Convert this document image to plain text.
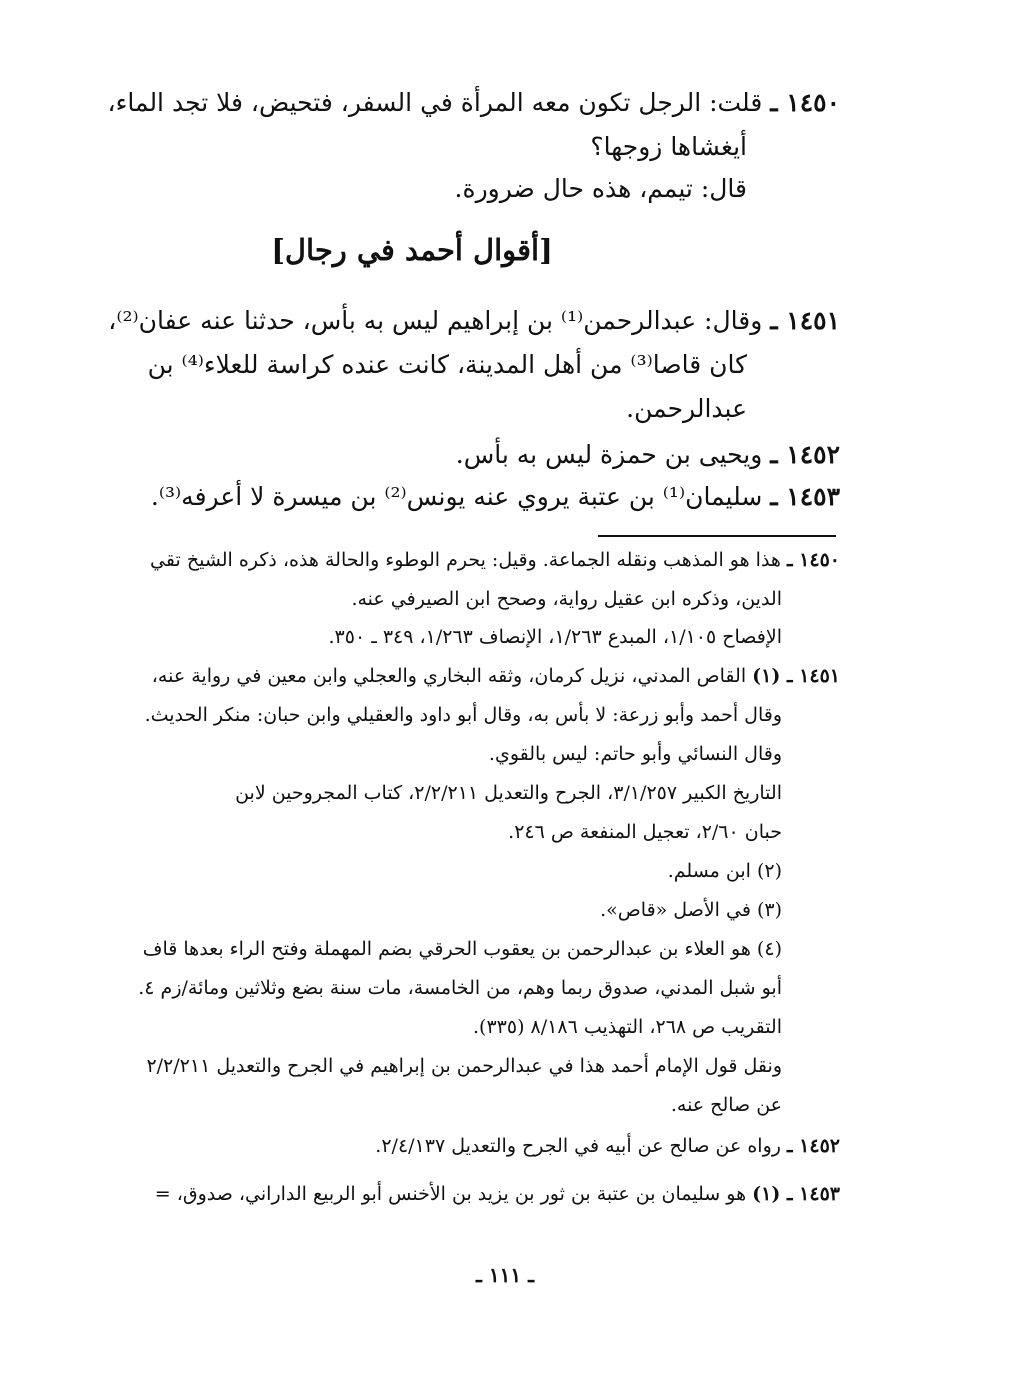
١٤٥٠ ـ قلت: الرجل تكون معه المرأة في السفر، فتحيض، فلا تجد الماء،
أيغشاها زوجها؟
قال: تيمم، هذه حال ضرورة.
[أقوال أحمد في رجال]
١٤٥١ ـ وقال: عبدالرحمن⁽¹⁾ بن إبراهيم ليس به بأس، حدثنا عنه عفان⁽²⁾،
كان قاصا⁽³⁾ من أهل المدينة، كانت عنده كراسة للعلاء⁽⁴⁾ بن
عبدالرحمن.
١٤٥٢ ـ ويحيى بن حمزة ليس به بأس.
١٤٥٣ ـ سليمان⁽¹⁾ بن عتبة يروي عنه يونس⁽²⁾ بن ميسرة لا أعرفه⁽³⁾.
١٤٥٠ ـ هذا هو المذهب ونقله الجماعة. وقيل: يحرم الوطوء والحالة هذه، ذكره الشيخ تقي
الدين، وذكره ابن عقيل رواية، وصحح ابن الصيرفي عنه.
الإفصاح ١/١٠٥، المبدع ١/٢٦٣، الإنصاف ١/٢٦٣، ٣٤٩ ـ ٣٥٠.
١٤٥١ ـ (١) القاص المدني، نزيل كرمان، وثقه البخاري والعجلي وابن معين في رواية عنه،
وقال أحمد وأبو زرعة: لا بأس به، وقال أبو داود والعقيلي وابن حبان: منكر الحديث.
وقال النسائي وأبو حاتم: ليس بالقوي.
التاريخ الكبير ٣/١/٢٥٧، الجرح والتعديل ٢/٢/٢١١، كتاب المجروحين لابن
حبان ٢/٦٠، تعجيل المنفعة ص ٢٤٦.
(٢) ابن مسلم.
(٣) في الأصل «قاص».
(٤) هو العلاء بن عبدالرحمن بن يعقوب الحرقي بضم المهملة وفتح الراء بعدها قاف
أبو شبل المدني، صدوق ربما وهم، من الخامسة، مات سنة بضع وثلاثين ومائة/زم ٤.
التقريب ص ٢٦٨، التهذيب ٨/١٨٦ (٣٣٥).
ونقل قول الإمام أحمد هذا في عبدالرحمن بن إبراهيم في الجرح والتعديل ٢/٢/٢١١
عن صالح عنه.
١٤٥٢ ـ رواه عن صالح عن أبيه في الجرح والتعديل ٢/٤/١٣٧.
١٤٥٣ ـ (١) هو سليمان بن عتبة بن ثور بن يزيد بن الأخنس أبو الربيع الداراني، صدوق، =
ـ ١١١ ـ
